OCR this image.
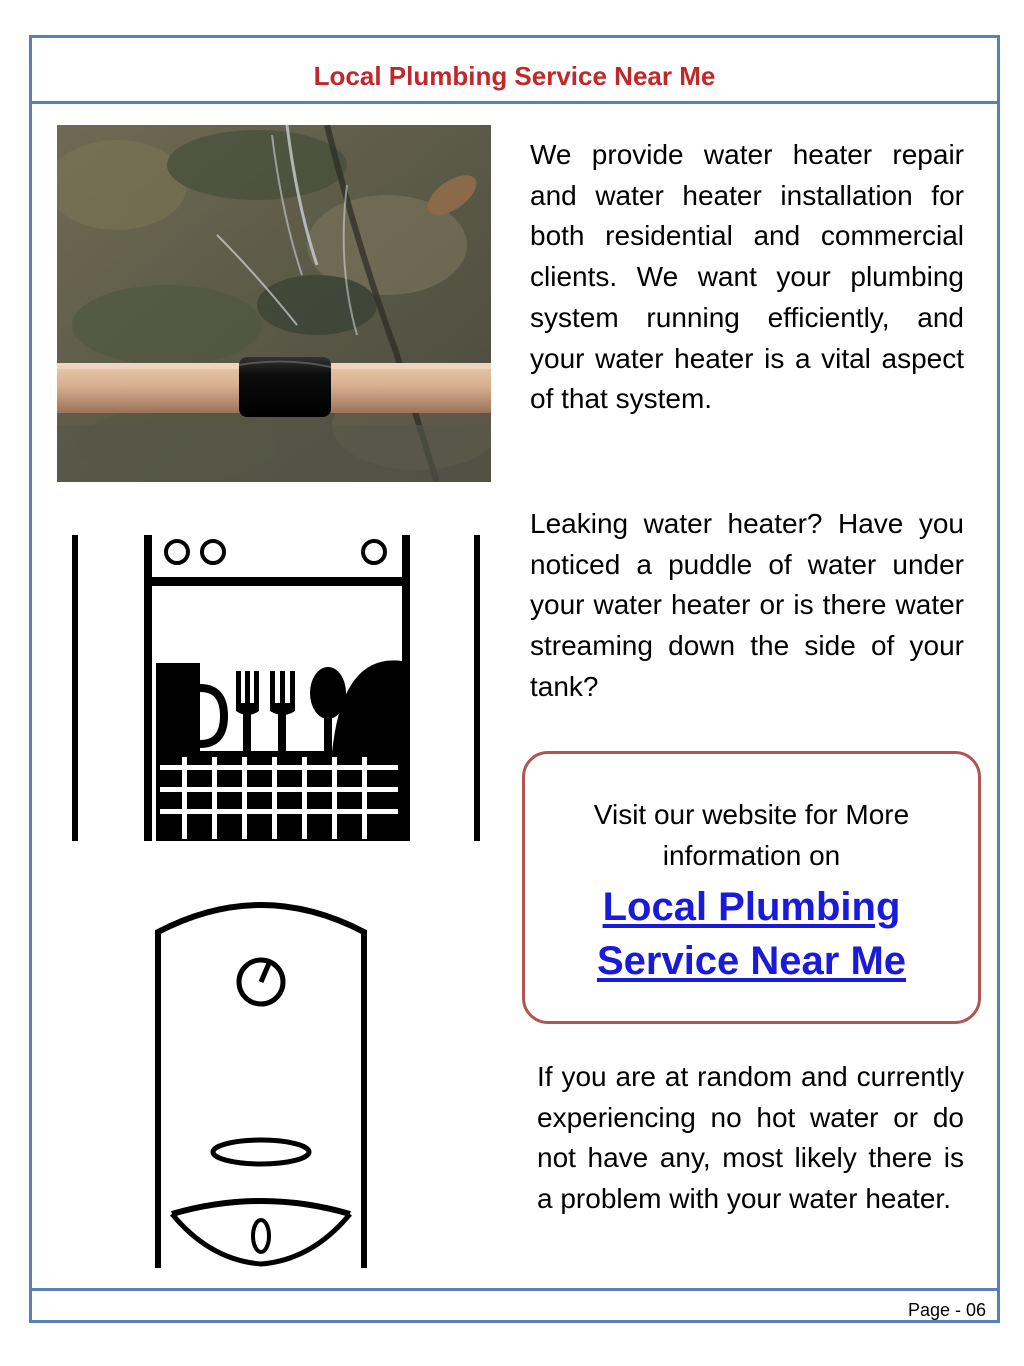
Local Plumbing Service Near Me
We provide water heater repair and water heater installation for both residential and commercial clients. We want your plumbing system running efficiently, and your water heater is a vital aspect of that system.
Leaking water heater? Have you noticed a puddle of water under your water heater or is there water streaming down the side of your tank?
Visit our website for More
information on
Local Plumbing
Service Near Me
If you are at random and currently experiencing no hot water or do not have any, most likely there is a problem with your water heater.
Page - 06
